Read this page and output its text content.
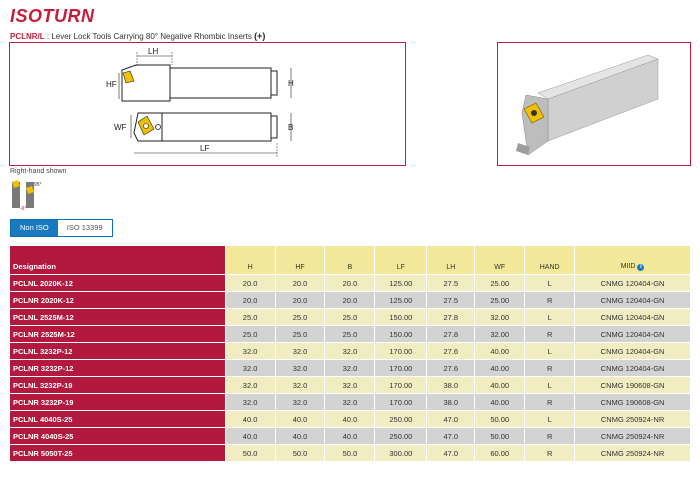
ISOTURN
PCLNR/L : Lever Lock Tools Carrying 80° Negative Rhombic Inserts (+)
LH
HF	H
WF	B
LF
Right-hand shown
95°
-6°
Non ISO	ISO 13399
Designation	H	HF	B	LF	LH	WF	HAND	MIID i
PCLNL 2020K-12	20.0	20.0	20.0	125.00	27.5	25.00	L	CNMG 120404-GN
PCLNR 2020K-12	20.0	20.0	20.0	125.00	27.5	25.00	R	CNMG 120404-GN
PCLNL 2525M-12	25.0	25.0	25.0	150.00	27.8	32.00	L	CNMG 120404-GN
PCLNR 2525M-12	25.0	25.0	25.0	150.00	27.8	32.00	R	CNMG 120404-GN
PCLNL 3232P-12	32.0	32.0	32.0	170.00	27.6	40.00	L	CNMG 120404-GN
PCLNR 3232P-12	32.0	32.0	32.0	170.00	27.6	40.00	R	CNMG 120404-GN
PCLNL 3232P-19	32.0	32.0	32.0	170.00	38.0	40.00	L	CNMG 190608-GN
PCLNR 3232P-19	32.0	32.0	32.0	170.00	38.0	40.00	R	CNMG 190608-GN
PCLNL 4040S-25	40.0	40.0	40.0	250.00	47.0	50.00	L	CNMG 250924-NR
PCLNR 4040S-25	40.0	40.0	40.0	250.00	47.0	50.00	R	CNMG 250924-NR
PCLNR 5050T-25	50.0	50.0	50.0	300.00	47.0	60.00	R	CNMG 250924-NR
